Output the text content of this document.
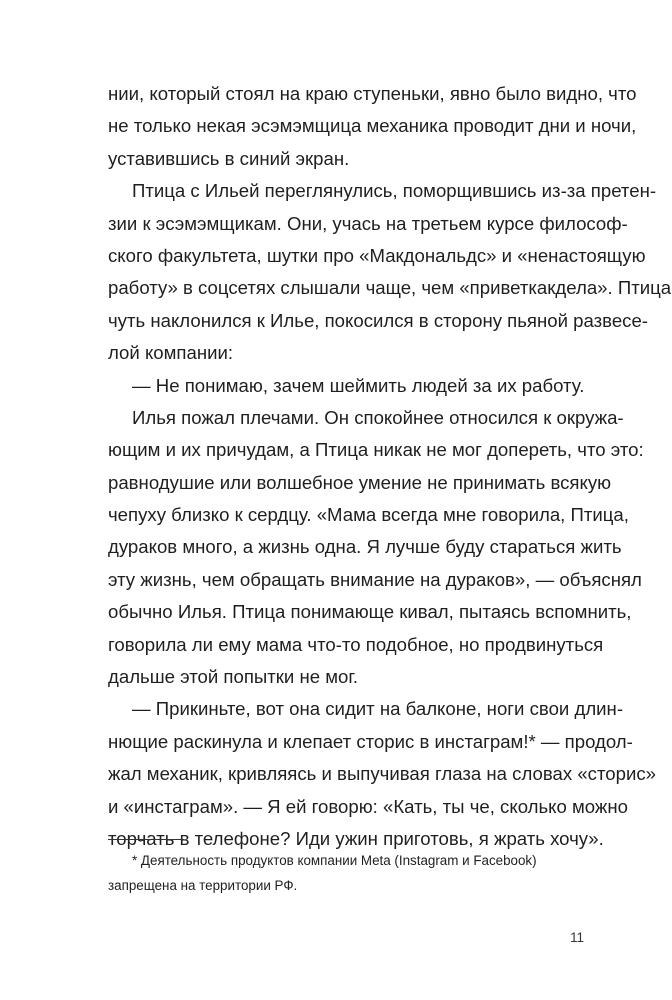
нии, который стоял на краю ступеньки, явно было видно, что
не только некая эсэмэмщица механика проводит дни и ночи,
уставившись в синий экран.
Птица с Ильей переглянулись, поморщившись из-за претен-
зии к эсэмэмщикам. Они, учась на третьем курсе философ-
ского факультета, шутки про «Макдональдс» и «ненастоящую
работу» в соцсетях слышали чаще, чем «приветкакдела». Птица
чуть наклонился к Илье, покосился в сторону пьяной развесе-
лой компании:
— Не понимаю, зачем шеймить людей за их работу.
Илья пожал плечами. Он спокойнее относился к окружа-
ющим и их причудам, а Птица никак не мог допереть, что это:
равнодушие или волшебное умение не принимать всякую
чепуху близко к сердцу. «Мама всегда мне говорила, Птица,
дураков много, а жизнь одна. Я лучше буду стараться жить
эту жизнь, чем обращать внимание на дураков», — объяснял
обычно Илья. Птица понимающе кивал, пытаясь вспомнить,
говорила ли ему мама что-то подобное, но продвинуться
дальше этой попытки не мог.
— Прикиньте, вот она сидит на балконе, ноги свои длин-
нющие раскинула и клепает сторис в инстаграм!* — продол-
жал механик, кривляясь и выпучивая глаза на словах «сторис»
и «инстаграм». — Я ей говорю: «Кать, ты че, сколько можно
торчать в телефоне? Иди ужин приготовь, я жрать хочу».
* Деятельность продуктов компании Meta (Instagram и Facebook)
запрещена на территории РФ.
11
